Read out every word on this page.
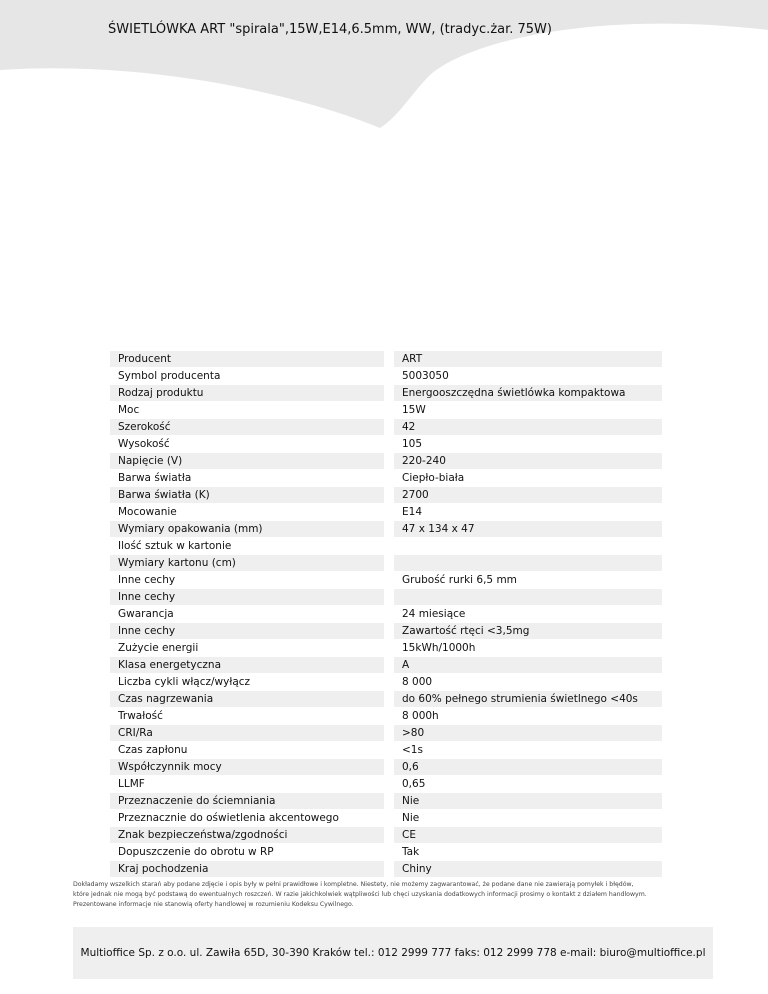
ŚWIETLÓWKA ART "spirala",15W,E14,6.5mm, WW, (tradyc.żar. 75W)
Producent		ART
Symbol producenta		5003050
Rodzaj produktu		Energooszczędna świetlówka kompaktowa
Moc		15W
Szerokość		42
Wysokość		105
Napięcie (V)		220-240
Barwa światła		Ciepło-biała
Barwa światła (K)		2700
Mocowanie		E14
Wymiary opakowania (mm)		47 x 134 x 47
Ilość sztuk w kartonie		
Wymiary kartonu (cm)		
Inne cechy		Grubość rurki 6,5 mm
Inne cechy		
Gwarancja		24 miesiące
Inne cechy		Zawartość rtęci <3,5mg
Zużycie energii		15kWh/1000h
Klasa energetyczna		A
Liczba cykli włącz/wyłącz		8 000
Czas nagrzewania		do 60% pełnego strumienia świetlnego <40s
Trwałość		8 000h
CRI/Ra		>80
Czas zapłonu		<1s
Współczynnik mocy		0,6
LLMF		0,65
Przeznaczenie do ściemniania		Nie
Przeznacznie do oświetlenia akcentowego		Nie
Znak bezpieczeństwa/zgodności		CE
Dopuszczenie do obrotu w RP		Tak
Kraj pochodzenia		Chiny

Dokładamy wszelkich starań aby podane zdjęcie i opis były w pełni prawidłowe i kompletne. Niestety, nie możemy zagwarantować, że podane dane nie zawierają pomyłek i błędów,

które jednak nie mogą być podstawą do ewentualnych roszczeń. W razie jakichkolwiek wątpliwości lub chęci uzyskania dodatkowych informacji prosimy o kontakt z działem handlowym.

Prezentowane informacje nie stanowią oferty handlowej w rozumieniu Kodeksu Cywilnego.

Multioffice Sp. z o.o. ul. Zawiła 65D, 30-390 Kraków tel.: 012 2999 777 faks: 012 2999 778 e-mail: biuro@multioffice.pl
